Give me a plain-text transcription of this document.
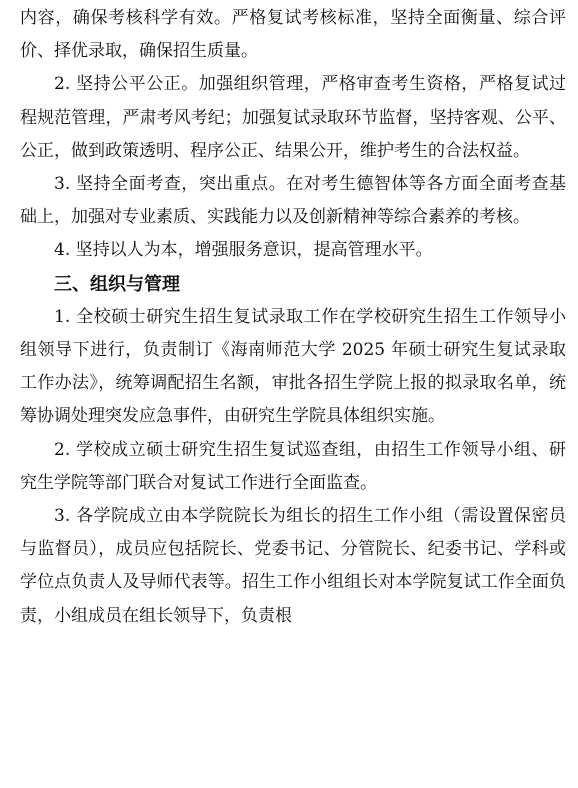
内容，确保考核科学有效。严格复试考核标准，坚持全面衡量、综合评价、择优录取，确保招生质量。

2. 坚持公平公正。加强组织管理，严格审查考生资格，严格复试过程规范管理，严肃考风考纪；加强复试录取环节监督，坚持客观、公平、公正，做到政策透明、程序公正、结果公开，维护考生的合法权益。

3. 坚持全面考查，突出重点。在对考生德智体等各方面全面考查基础上，加强对专业素质、实践能力以及创新精神等综合素养的考核。

4. 坚持以人为本，增强服务意识，提高管理水平。

三、组织与管理

1. 全校硕士研究生招生复试录取工作在学校研究生招生工作领导小组领导下进行，负责制订《海南师范大学 2025 年硕士研究生复试录取工作办法》，统筹调配招生名额，审批各招生学院上报的拟录取名单，统筹协调处理突发应急事件，由研究生学院具体组织实施。

2. 学校成立硕士研究生招生复试巡查组，由招生工作领导小组、研究生学院等部门联合对复试工作进行全面监查。

3. 各学院成立由本学院院长为组长的招生工作小组（需设置保密员与监督员），成员应包括院长、党委书记、分管院长、纪委书记、学科或学位点负责人及导师代表等。招生工作小组组长对本学院复试工作全面负责，小组成员在组长领导下，负责根
